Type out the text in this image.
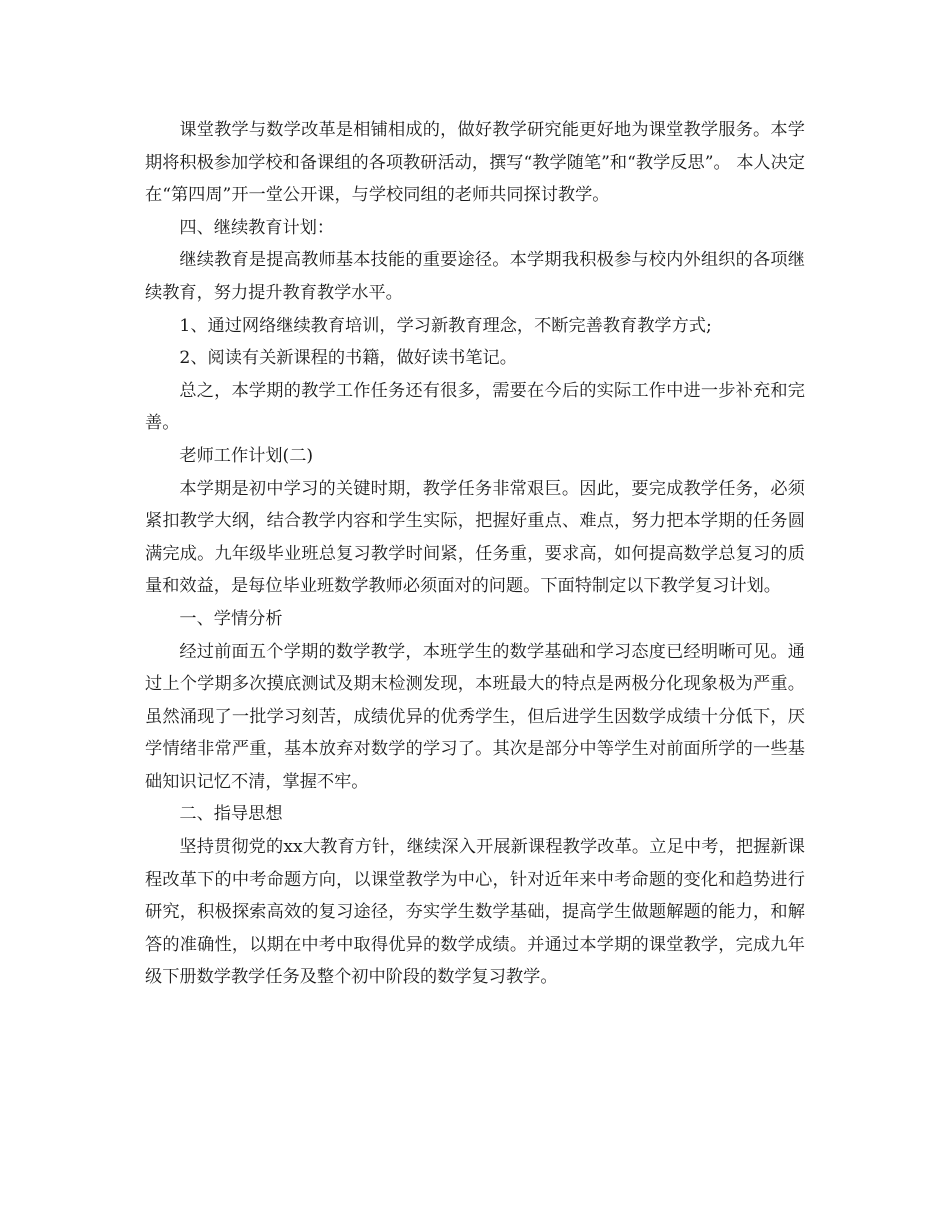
课堂教学与数学改革是相铺相成的，做好教学研究能更好地为课堂教学服务。本学期将积极参加学校和备课组的各项教研活动，撰写“教学随笔”和“教学反思”。 本人决定在“第四周”开一堂公开课，与学校同组的老师共同探讨教学。

四、继续教育计划：

继续教育是提高教师基本技能的重要途径。本学期我积极参与校内外组织的各项继续教育，努力提升教育教学水平。

1、通过网络继续教育培训，学习新教育理念，不断完善教育教学方式;

2、阅读有关新课程的书籍，做好读书笔记。

总之，本学期的教学工作任务还有很多，需要在今后的实际工作中进一步补充和完善。

老师工作计划(二)

本学期是初中学习的关键时期，教学任务非常艰巨。因此，要完成教学任务，必须紧扣教学大纲，结合教学内容和学生实际，把握好重点、难点，努力把本学期的任务圆满完成。九年级毕业班总复习教学时间紧，任务重，要求高，如何提高数学总复习的质量和效益，是每位毕业班数学教师必须面对的问题。下面特制定以下教学复习计划。

一、学情分析

经过前面五个学期的数学教学，本班学生的数学基础和学习态度已经明晰可见。通过上个学期多次摸底测试及期末检测发现，本班最大的特点是两极分化现象极为严重。虽然涌现了一批学习刻苦，成绩优异的优秀学生，但后进学生因数学成绩十分低下，厌学情绪非常严重，基本放弃对数学的学习了。其次是部分中等学生对前面所学的一些基础知识记忆不清，掌握不牢。

二、指导思想

坚持贯彻党的xx大教育方针，继续深入开展新课程教学改革。立足中考，把握新课程改革下的中考命题方向，以课堂教学为中心，针对近年来中考命题的变化和趋势进行研究，积极探索高效的复习途径，夯实学生数学基础，提高学生做题解题的能力，和解答的准确性，以期在中考中取得优异的数学成绩。并通过本学期的课堂教学，完成九年级下册数学教学任务及整个初中阶段的数学复习教学。
